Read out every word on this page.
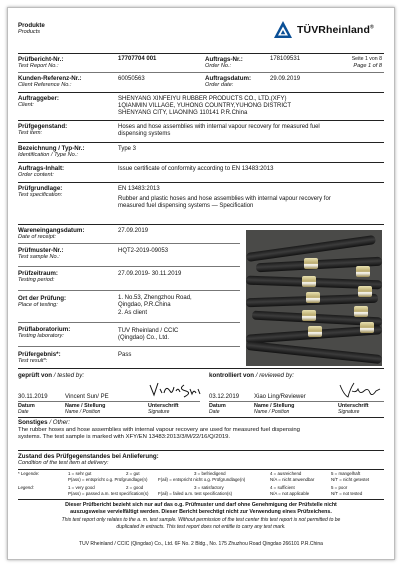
Produkte
Products	TÜVRheinland®
Prüfbericht-Nr.:
Test Report No.:
17707704 001	Auftrags-Nr.:
Order No.:
178109531	Seite 1 von 8
Page 1 of 8
Kunden-Referenz-Nr.:
Client Reference No.:
60050563	Auftragsdatum:
Order date:
29.09.2019
Auftraggeber:
Client:
SHENYANG XINFEIYU RUBBER PRODUCTS CO., LTD.(XFY)
1QIANMIN VILLAGE, YUHONG COUNTRY,YUHONG DISTRICT
SHENYANG CITY, LIAONING 110141 P.R.China
Prüfgegenstand:
Test item:
Hoses and hose assemblies with internal vapour recovery for measured fuel
dispensing systems
Bezeichnung / Typ-Nr.:
Identification / Type No.:
Type 3
Auftrags-Inhalt:
Order content:
Issue certificate of conformity according to EN 13483:2013
Prüfgrundlage:
Test specification:
EN 13483:2013
Rubber and plastic hoses and hose assemblies with internal vapour recovery for
measured fuel dispensing systems — Specification
Wareneingangsdatum:
Date of receipt:
27.09.2019
Prüfmuster-Nr.:
Test sample No.:
HQT2-2019-09053
Prüfzeitraum:
Testing period:
27.09.2019- 30.11.2019
Ort der Prüfung:
Place of testing:
1. No.53, Zhengzhou Road,
Qingdao, P.R.China
2. As client
Prüflaboratorium:
Testing laboratory:
TUV Rheinland / CCIC
(Qingdao) Co., Ltd.
Prüfergebnis*:
Test result*:
Pass
geprüft von / tested by:	kontrolliert von / reviewed by:
30.11.2019	Vincent Sun/ PE	03.12.2019 Xiao Ling/Reviewer
Datum
Date
Name / Stellung
Name / Position
Unterschrift
Signature
Datum
Date
Name / Stellung
Name / Position
Unterschrift
Signature
Sonstiges / Other:
The rubber hoses and hose assemblies with internal vapour recovery are used for measured fuel dispensing
systems. The test sample is marked with XFY/EN 13483:2013/3/M/22/16/Q/2019.
Zustand des Prüfgegenstandes bei Anlieferung:
Condition of the test item at delivery:
* Legende:	1 = sehr gut	2 = gut	3 = befriedigend	4 = ausreichend	5 = mangelhaft
P(ass) = entspricht o.g. Prüfgrundlage(n) F(ail) = entspricht nicht o.g. Prüfgrundlage(n)	N/A = nicht anwendbar	N/T = nicht getestet
Legend:	1 = very good	2 = good	3 = satisfactory	4 = sufficient	5 = poor
P(ass) = passed a.m. test specification(s) F(ail) = failed a.m. test specification(s)	N/A = not applicable	N/T = not tested
Dieser Prüfbericht bezieht sich nur auf das o.g. Prüfmuster und darf ohne Genehmigung der Prüfstelle nicht
auszugsweise vervielfältigt werden. Dieser Bericht berechtigt nicht zur Verwendung eines Prüfzeichens.
This test report only relates to the a. m. test sample. Without permission of the test center this test report is not permitted to be
duplicated in extracts. This test report does not entitle to carry any test mark.
TUV Rheinland / CCIC (Qingdao) Co., Ltd. 6F No. 2 Bldg., No. 175 Zhuzhou Road Qingdao 266101 P.R.China
